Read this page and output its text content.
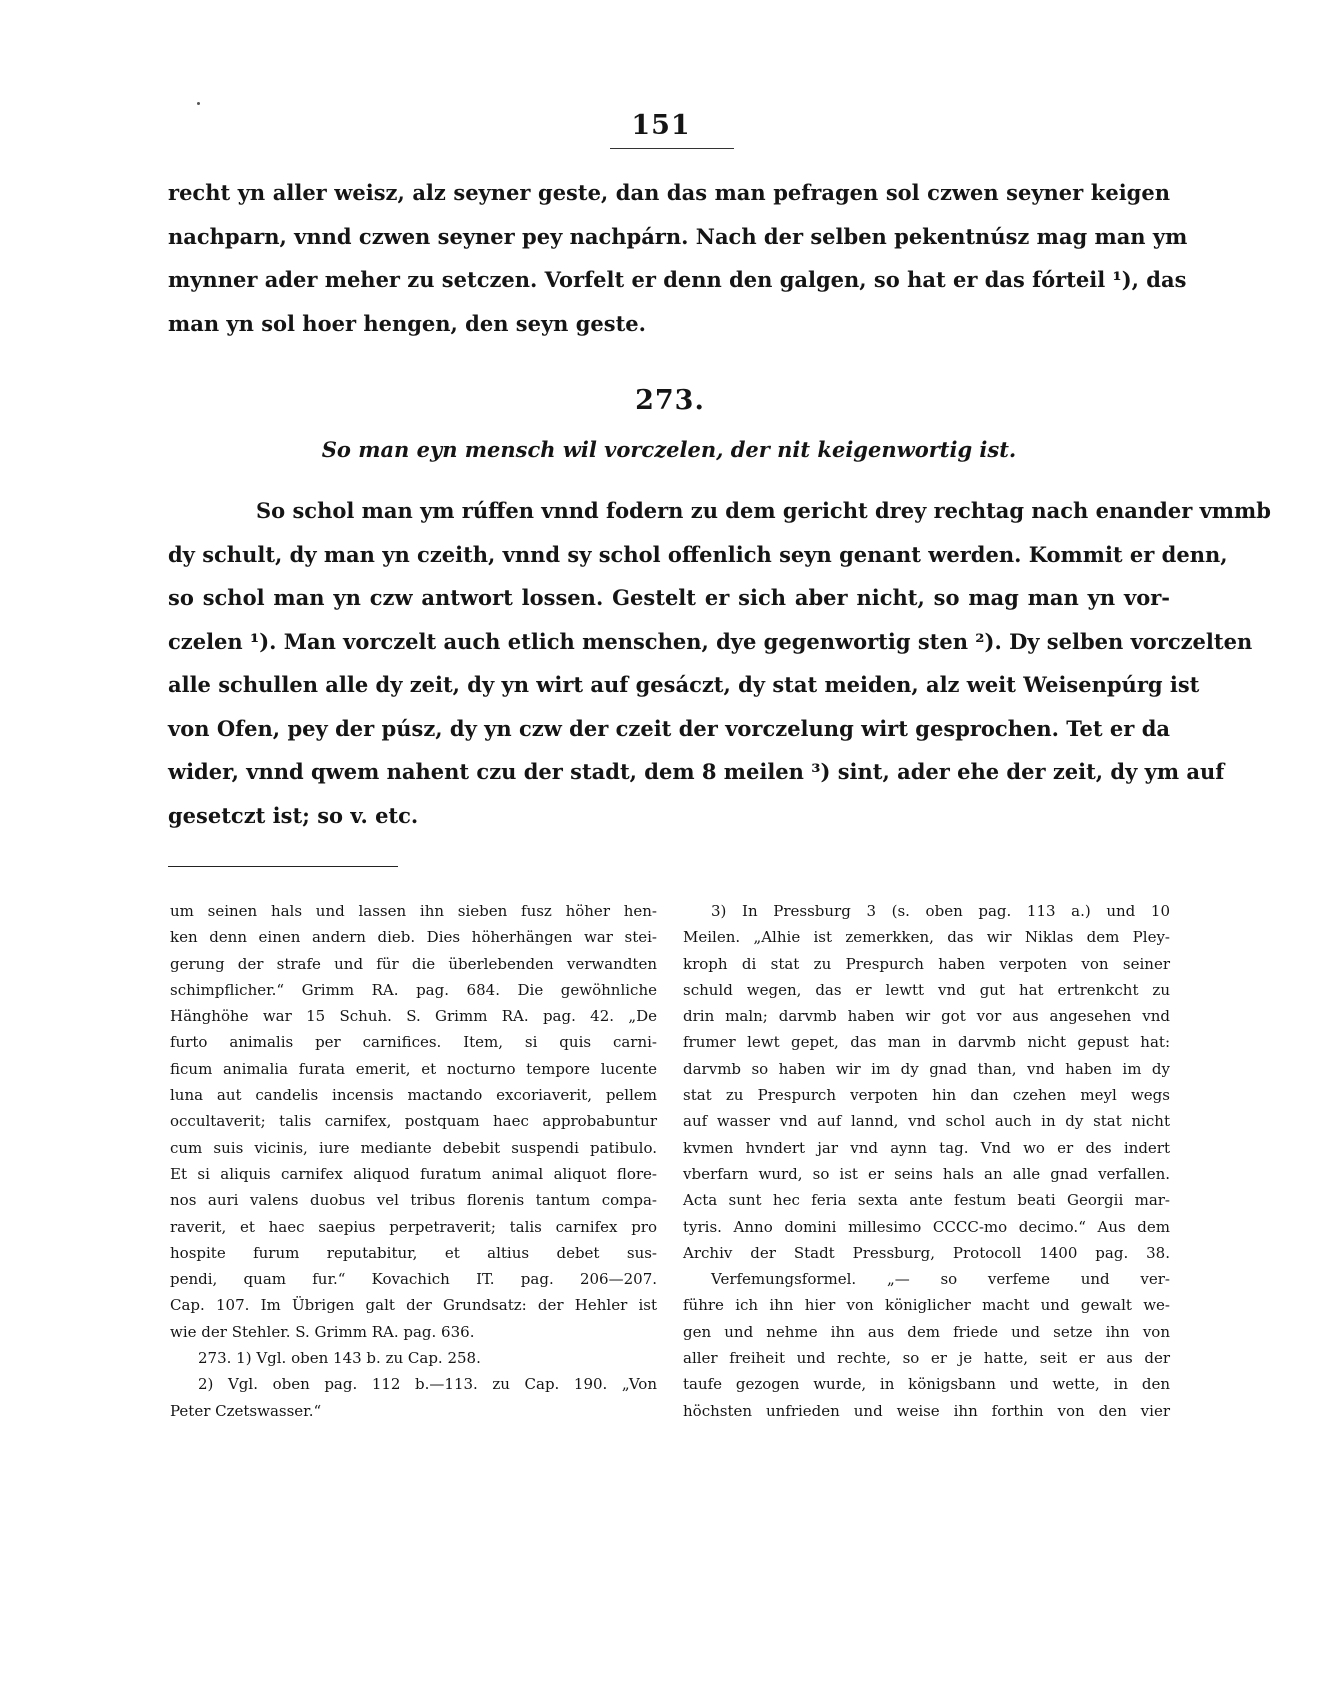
151
recht yn aller weisz, alz seyner geste, dan das man pefragen sol czwen seyner keigen
nachparn, vnnd czwen seyner pey nachpárn. Nach der selben pekentnúsz mag man ym
mynner ader meher zu setczen. Vorfelt er denn den galgen, so hat er das fórteil ¹), das
man yn sol hoer hengen, den seyn geste.
273.
So man eyn mensch wil vorczelen, der nit keigenwortig ist.
So schol man ym rúffen vnnd fodern zu dem gericht drey rechtag nach enander vmmb
dy schult, dy man yn czeith, vnnd sy schol offenlich seyn genant werden. Kommit er denn,
so schol man yn czw antwort lossen. Gestelt er sich aber nicht, so mag man yn vor-
czelen ¹). Man vorczelt auch etlich menschen, dye gegenwortig sten ²). Dy selben vorczelten
alle schullen alle dy zeit, dy yn wirt auf gesáczt, dy stat meiden, alz weit Weisenpúrg ist
von Ofen, pey der púsz, dy yn czw der czeit der vorczelung wirt gesprochen. Tet er da
wider, vnnd qwem nahent czu der stadt, dem 8 meilen ³) sint, ader ehe der zeit, dy ym auf
gesetczt ist; so v. etc.
um seinen hals und lassen ihn sieben fusz höher hen-
ken denn einen andern dieb. Dies höherhängen war stei-
gerung der strafe und für die überlebenden verwandten
schimpflicher.“ Grimm RA. pag. 684. Die gewöhnliche
Hänghöhe war 15 Schuh. S. Grimm RA. pag. 42. „De
furto animalis per carnifices. Item, si quis carni-
ficum animalia furata emerit, et nocturno tempore lucente
luna aut candelis incensis mactando excoriaverit, pellem
occultaverit; talis carnifex, postquam haec approbabuntur
cum suis vicinis, iure mediante debebit suspendi patibulo.
Et si aliquis carnifex aliquod furatum animal aliquot flore-
nos auri valens duobus vel tribus florenis tantum compa-
raverit, et haec saepius perpetraverit; talis carnifex pro
hospite furum reputabitur, et altius debet sus-
pendi, quam fur.“ Kovachich IT. pag. 206—207.
Cap. 107. Im Übrigen galt der Grundsatz: der Hehler ist
wie der Stehler. S. Grimm RA. pag. 636.
273. 1) Vgl. oben 143 b. zu Cap. 258.
2) Vgl. oben pag. 112 b.—113. zu Cap. 190. „Von
Peter Czetswasser.“
3) In Pressburg 3 (s. oben pag. 113 a.) und 10
Meilen. „Alhie ist zemerkken, das wir Niklas dem Pley-
kroph di stat zu Prespurch haben verpoten von seiner
schuld wegen, das er lewtt vnd gut hat ertrenkcht zu
drin maln; darvmb haben wir got vor aus angesehen vnd
frumer lewt gepet, das man in darvmb nicht gepust hat:
darvmb so haben wir im dy gnad than, vnd haben im dy
stat zu Prespurch verpoten hin dan czehen meyl wegs
auf wasser vnd auf lannd, vnd schol auch in dy stat nicht
kvmen hvndert jar vnd aynn tag. Vnd wo er des indert
vberfarn wurd, so ist er seins hals an alle gnad verfallen.
Acta sunt hec feria sexta ante festum beati Georgii mar-
tyris. Anno domini millesimo CCCC-mo decimo.“ Aus dem
Archiv der Stadt Pressburg, Protocoll 1400 pag. 38.
Verfemungsformel. „— so verfeme und ver-
führe ich ihn hier von königlicher macht und gewalt we-
gen und nehme ihn aus dem friede und setze ihn von
aller freiheit und rechte, so er je hatte, seit er aus der
taufe gezogen wurde, in königsbann und wette, in den
höchsten unfrieden und weise ihn forthin von den vier
